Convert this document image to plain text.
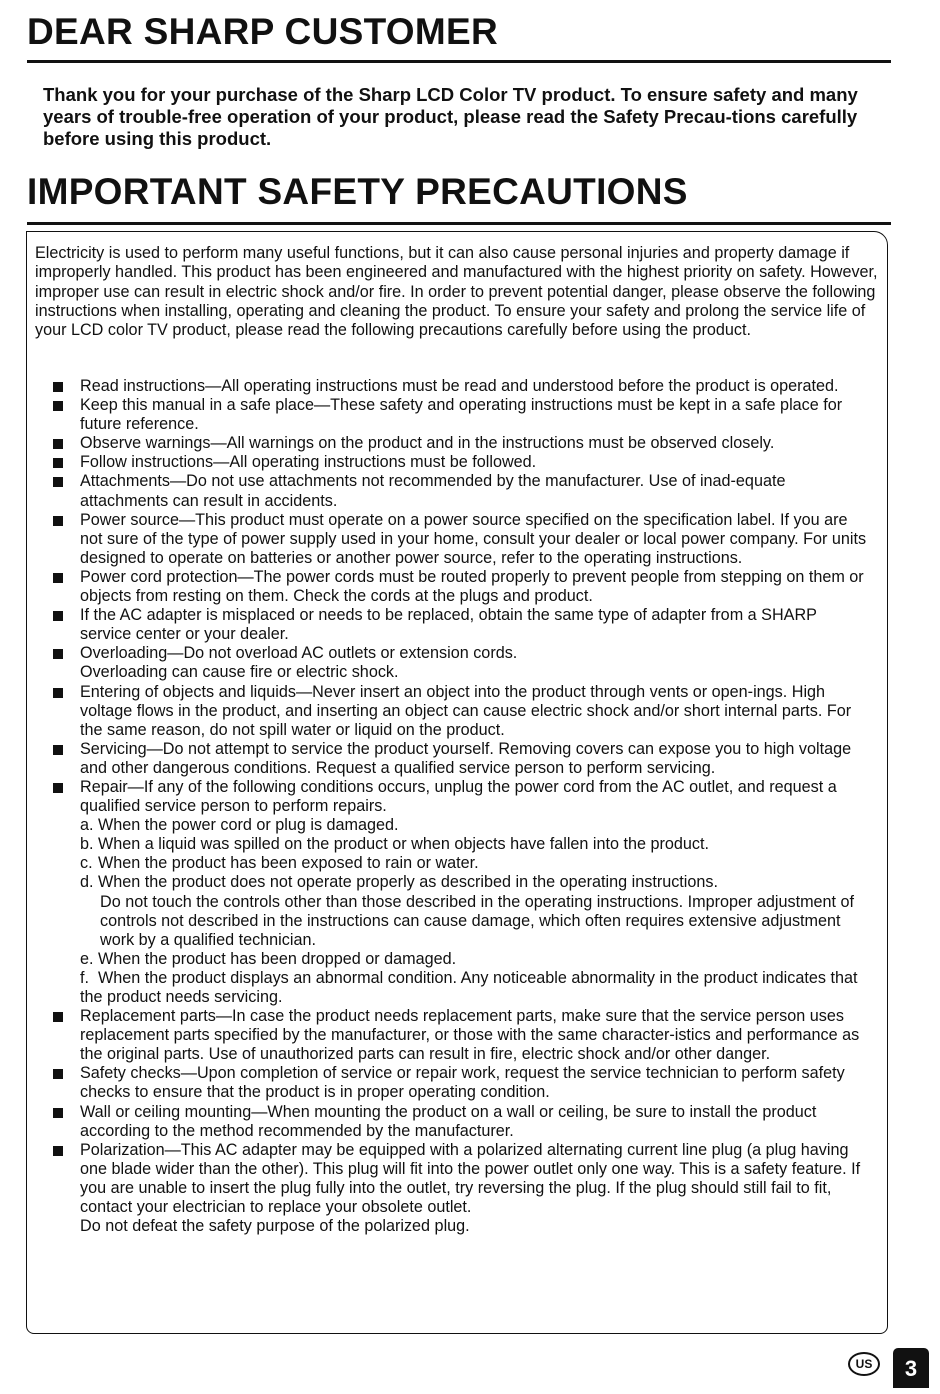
DEAR SHARP CUSTOMER

Thank you for your purchase of the Sharp LCD Color TV product. To ensure safety and many years of trouble-free operation of your product, please read the Safety Precau-tions carefully before using this product.

IMPORTANT SAFETY PRECAUTIONS

Electricity is used to perform many useful functions, but it can also cause personal injuries and property damage if improperly handled. This product has been engineered and manufactured with the highest priority on safety. However, improper use can result in electric shock and/or fire. In order to prevent potential danger, please observe the following instructions when installing, operating and cleaning the product. To ensure your safety and prolong the service life of your LCD color TV product, please read the following precautions carefully before using the product.

Read instructions—All operating instructions must be read and understood before the product is operated.
Keep this manual in a safe place—These safety and operating instructions must be kept in a safe place for future reference.
Observe warnings—All warnings on the product and in the instructions must be observed closely.
Follow instructions—All operating instructions must be followed.
Attachments—Do not use attachments not recommended by the manufacturer. Use of inad-equate attachments can result in accidents.
Power source—This product must operate on a power source specified on the specification label. If you are not sure of the type of power supply used in your home, consult your dealer or local power company. For units designed to operate on batteries or another power source, refer to the operating instructions.
Power cord protection—The power cords must be routed properly to prevent people from stepping on them or objects from resting on them. Check the cords at the plugs and product.
If the AC adapter is misplaced or needs to be replaced, obtain the same type of adapter from a SHARP service center or your dealer.
Overloading—Do not overload AC outlets or extension cords.
Overloading can cause fire or electric shock.
Entering of objects and liquids—Never insert an object into the product through vents or open-ings. High voltage flows in the product, and inserting an object can cause electric shock and/or short internal parts. For the same reason, do not spill water or liquid on the product.
Servicing—Do not attempt to service the product yourself. Removing covers can expose you to high voltage and other dangerous conditions. Request a qualified service person to perform servicing.
Repair—If any of the following conditions occurs, unplug the power cord from the AC outlet, and request a qualified service person to perform repairs.
a. When the power cord or plug is damaged.
b. When a liquid was spilled on the product or when objects have fallen into the product.
c. When the product has been exposed to rain or water.
d. When the product does not operate properly as described in the operating instructions.
Do not touch the controls other than those described in the operating instructions. Improper adjustment of controls not described in the instructions can cause damage, which often requires extensive adjustment work by a qualified technician.
e. When the product has been dropped or damaged.
f. When the product displays an abnormal condition. Any noticeable abnormality in the product indicates that the product needs servicing.
Replacement parts—In case the product needs replacement parts, make sure that the service person uses replacement parts specified by the manufacturer, or those with the same character-istics and performance as the original parts. Use of unauthorized parts can result in fire, electric shock and/or other danger.
Safety checks—Upon completion of service or repair work, request the service technician to perform safety checks to ensure that the product is in proper operating condition.
Wall or ceiling mounting—When mounting the product on a wall or ceiling, be sure to install the product according to the method recommended by the manufacturer.
Polarization—This AC adapter may be equipped with a polarized alternating current line plug (a plug having one blade wider than the other). This plug will fit into the power outlet only one way. This is a safety feature. If you are unable to insert the plug fully into the outlet, try reversing the plug. If the plug should still fail to fit, contact your electrician to replace your obsolete outlet.
Do not defeat the safety purpose of the polarized plug.
US	3
